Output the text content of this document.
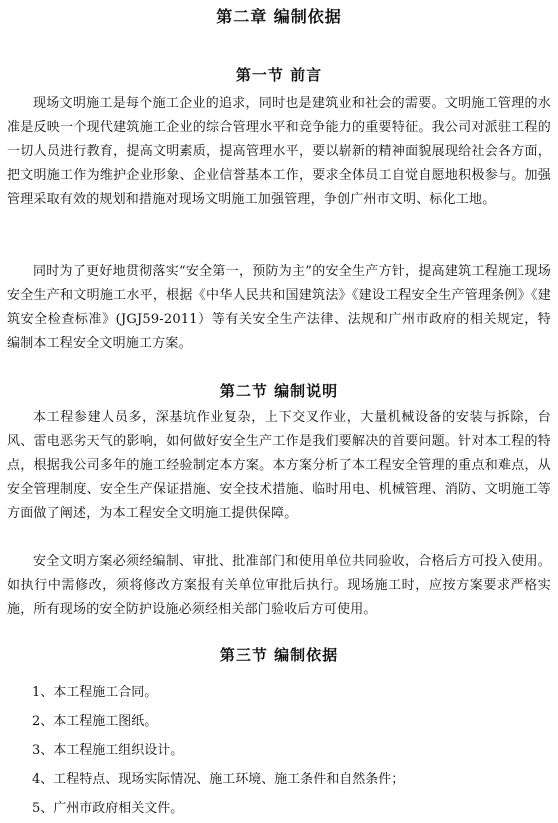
第二章 编制依据
第一节 前言

现场文明施工是每个施工企业的追求，同时也是建筑业和社会的需要。文明施工管理的水准是反映一个现代建筑施工企业的综合管理水平和竞争能力的重要特征。我公司对派驻工程的一切人员进行教育，提高文明素质，提高管理水平，要以崭新的精神面貌展现给社会各方面，把文明施工作为维护企业形象、企业信誉基本工作，要求全体员工自觉自愿地积极参与。加强管理采取有效的规划和措施对现场文明施工加强管理，争创广州市文明、标化工地。

同时为了更好地贯彻落实“安全第一，预防为主”的安全生产方针，提高建筑工程施工现场安全生产和文明施工水平，根据《中华人民共和国建筑法》《建设工程安全生产管理条例》《建筑安全检查标准》(JGJ59-2011）等有关安全生产法律、法规和广州市政府的相关规定，特编制本工程安全文明施工方案。

第二节 编制说明

本工程参建人员多，深基坑作业复杂，上下交叉作业，大量机械设备的安装与拆除，台风、雷电恶劣天气的影响，如何做好安全生产工作是我们要解决的首要问题。针对本工程的特点，根据我公司多年的施工经验制定本方案。本方案分析了本工程安全管理的重点和难点，从安全管理制度、安全生产保证措施、安全技术措施、临时用电、机械管理、消防、文明施工等方面做了阐述，为本工程安全文明施工提供保障。

安全文明方案必须经编制、审批、批准部门和使用单位共同验收，合格后方可投入使用。如执行中需修改，须将修改方案报有关单位审批后执行。现场施工时，应按方案要求严格实施，所有现场的安全防护设施必须经相关部门验收后方可使用。

第三节 编制依据
1、本工程施工合同。
2、本工程施工图纸。
3、本工程施工组织设计。
4、工程特点、现场实际情况、施工环境、施工条件和自然条件；
5、广州市政府相关文件。
